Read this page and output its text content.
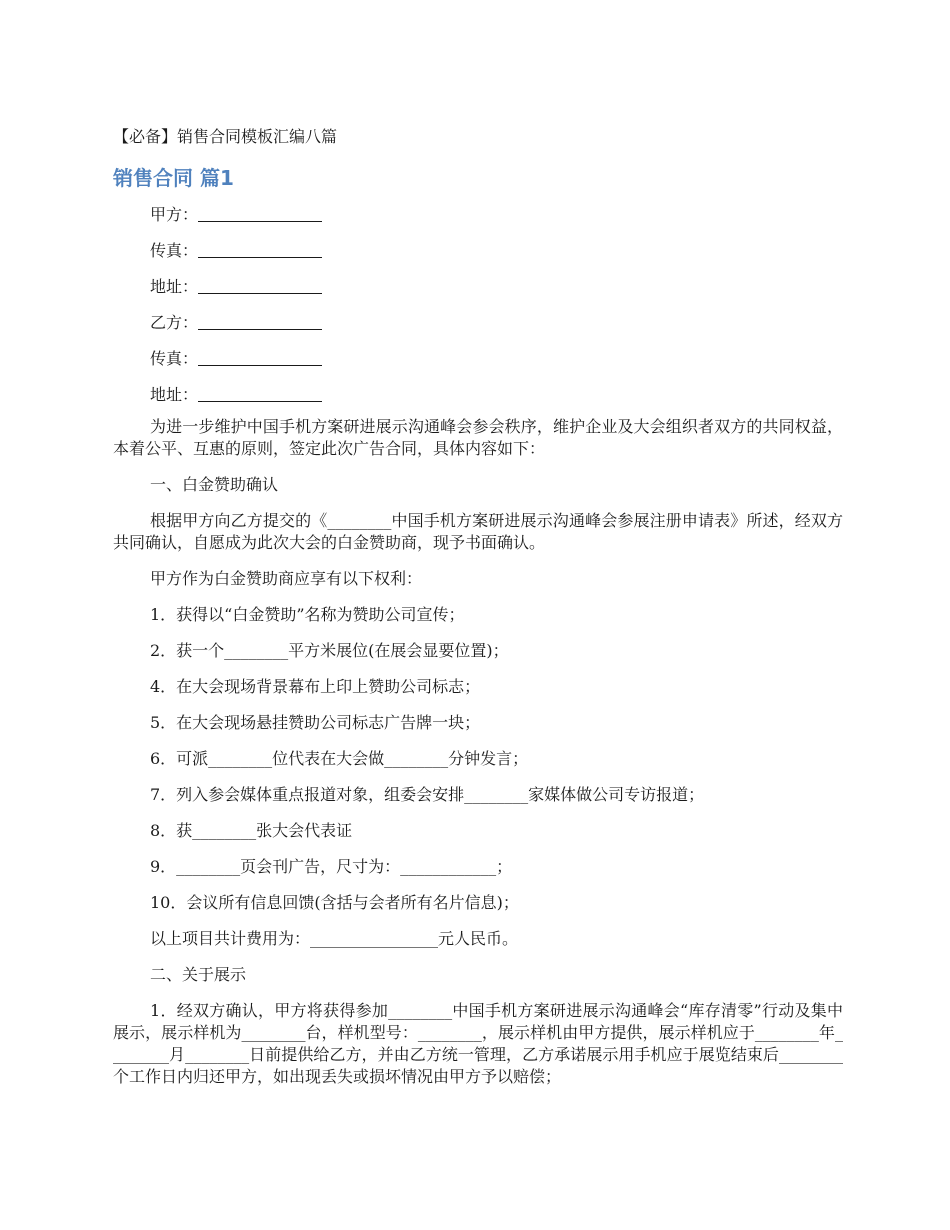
【必备】销售合同模板汇编八篇
销售合同 篇1
甲方：
传真：
地址：
乙方：
传真：
地址：

为进一步维护中国手机方案研进展示沟通峰会参会秩序，维护企业及大会组织者双方的共同权益，本着公平、互惠的原则，签定此次广告合同，具体内容如下：

一、白金赞助确认

根据甲方向乙方提交的《________中国手机方案研进展示沟通峰会参展注册申请表》所述，经双方共同确认，自愿成为此次大会的白金赞助商，现予书面确认。

甲方作为白金赞助商应享有以下权利：

1．获得以“白金赞助”名称为赞助公司宣传；

2．获一个________平方米展位(在展会显要位置)；

4．在大会现场背景幕布上印上赞助公司标志；

5．在大会现场悬挂赞助公司标志广告牌一块；

6．可派________位代表在大会做________分钟发言；

7．列入参会媒体重点报道对象，组委会安排________家媒体做公司专访报道；

8．获________张大会代表证

9．________页会刊广告，尺寸为：____________；

10．会议所有信息回馈(含括与会者所有名片信息)；

以上项目共计费用为：________________元人民币。

二、关于展示

1．经双方确认，甲方将获得参加________中国手机方案研进展示沟通峰会“库存清零”行动及集中展示，展示样机为________台，样机型号：________，展示样机由甲方提供，展示样机应于________年________月________日前提供给乙方，并由乙方统一管理，乙方承诺展示用手机应于展览结束后________个工作日内归还甲方，如出现丢失或损坏情况由甲方予以赔偿；
